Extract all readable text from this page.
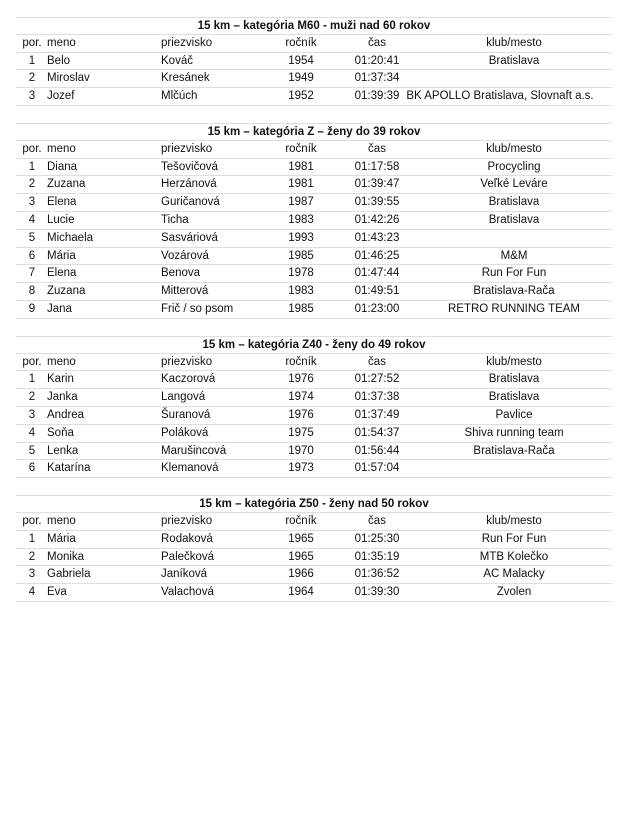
15 km – kategória M60 - muži nad 60 rokov
por. meno	priezvisko	ročník	čas	klub/mesto
1	Belo	Kováč	1954	01:20:41	Bratislava
2	Miroslav	Kresánek	1949	01:37:34
3	Jozef	Mlčúch	1952	01:39:39 BK APOLLO Bratislava, Slovnaft a.s.
15 km – kategória Z – ženy do 39 rokov
por. meno	priezvisko	ročník	čas	klub/mesto
1	Diana	Tešovičová	1981	01:17:58	Procycling
2	Zuzana	Herzánová	1981	01:39:47	Veľké Leváre
3	Elena	Guričanová	1987	01:39:55	Bratislava
4	Lucie	Ticha	1983	01:42:26	Bratislava
5	Michaela	Sasváriová	1993	01:43:23
6	Mária	Vozárová	1985	01:46:25	M&M
7	Elena	Benova	1978	01:47:44	Run For Fun
8	Zuzana	Mitterová	1983	01:49:51	Bratislava-Rača
9	Jana	Frič / so psom	1985	01:23:00	RETRO RUNNING TEAM
15 km – kategória Z40 - ženy do 49 rokov
por. meno	priezvisko	ročník	čas	klub/mesto
1	Karin	Kaczorová	1976	01:27:52	Bratislava
2	Janka	Langová	1974	01:37:38	Bratislava
3	Andrea	Šuranová	1976	01:37:49	Pavlice
4	Soňa	Poláková	1975	01:54:37	Shiva running team
5	Lenka	Marušincová	1970	01:56:44	Bratislava-Rača
6	Katarína	Klemanová	1973	01:57:04
15 km – kategória Z50 - ženy nad 50 rokov
por. meno	priezvisko	ročník	čas	klub/mesto
1	Mária	Rodaková	1965	01:25:30	Run For Fun
2	Monika	Palečková	1965	01:35:19	MTB Kolečko
3	Gabriela	Janíková	1966	01:36:52	AC Malacky
4	Eva	Valachová	1964	01:39:30	Zvolen
